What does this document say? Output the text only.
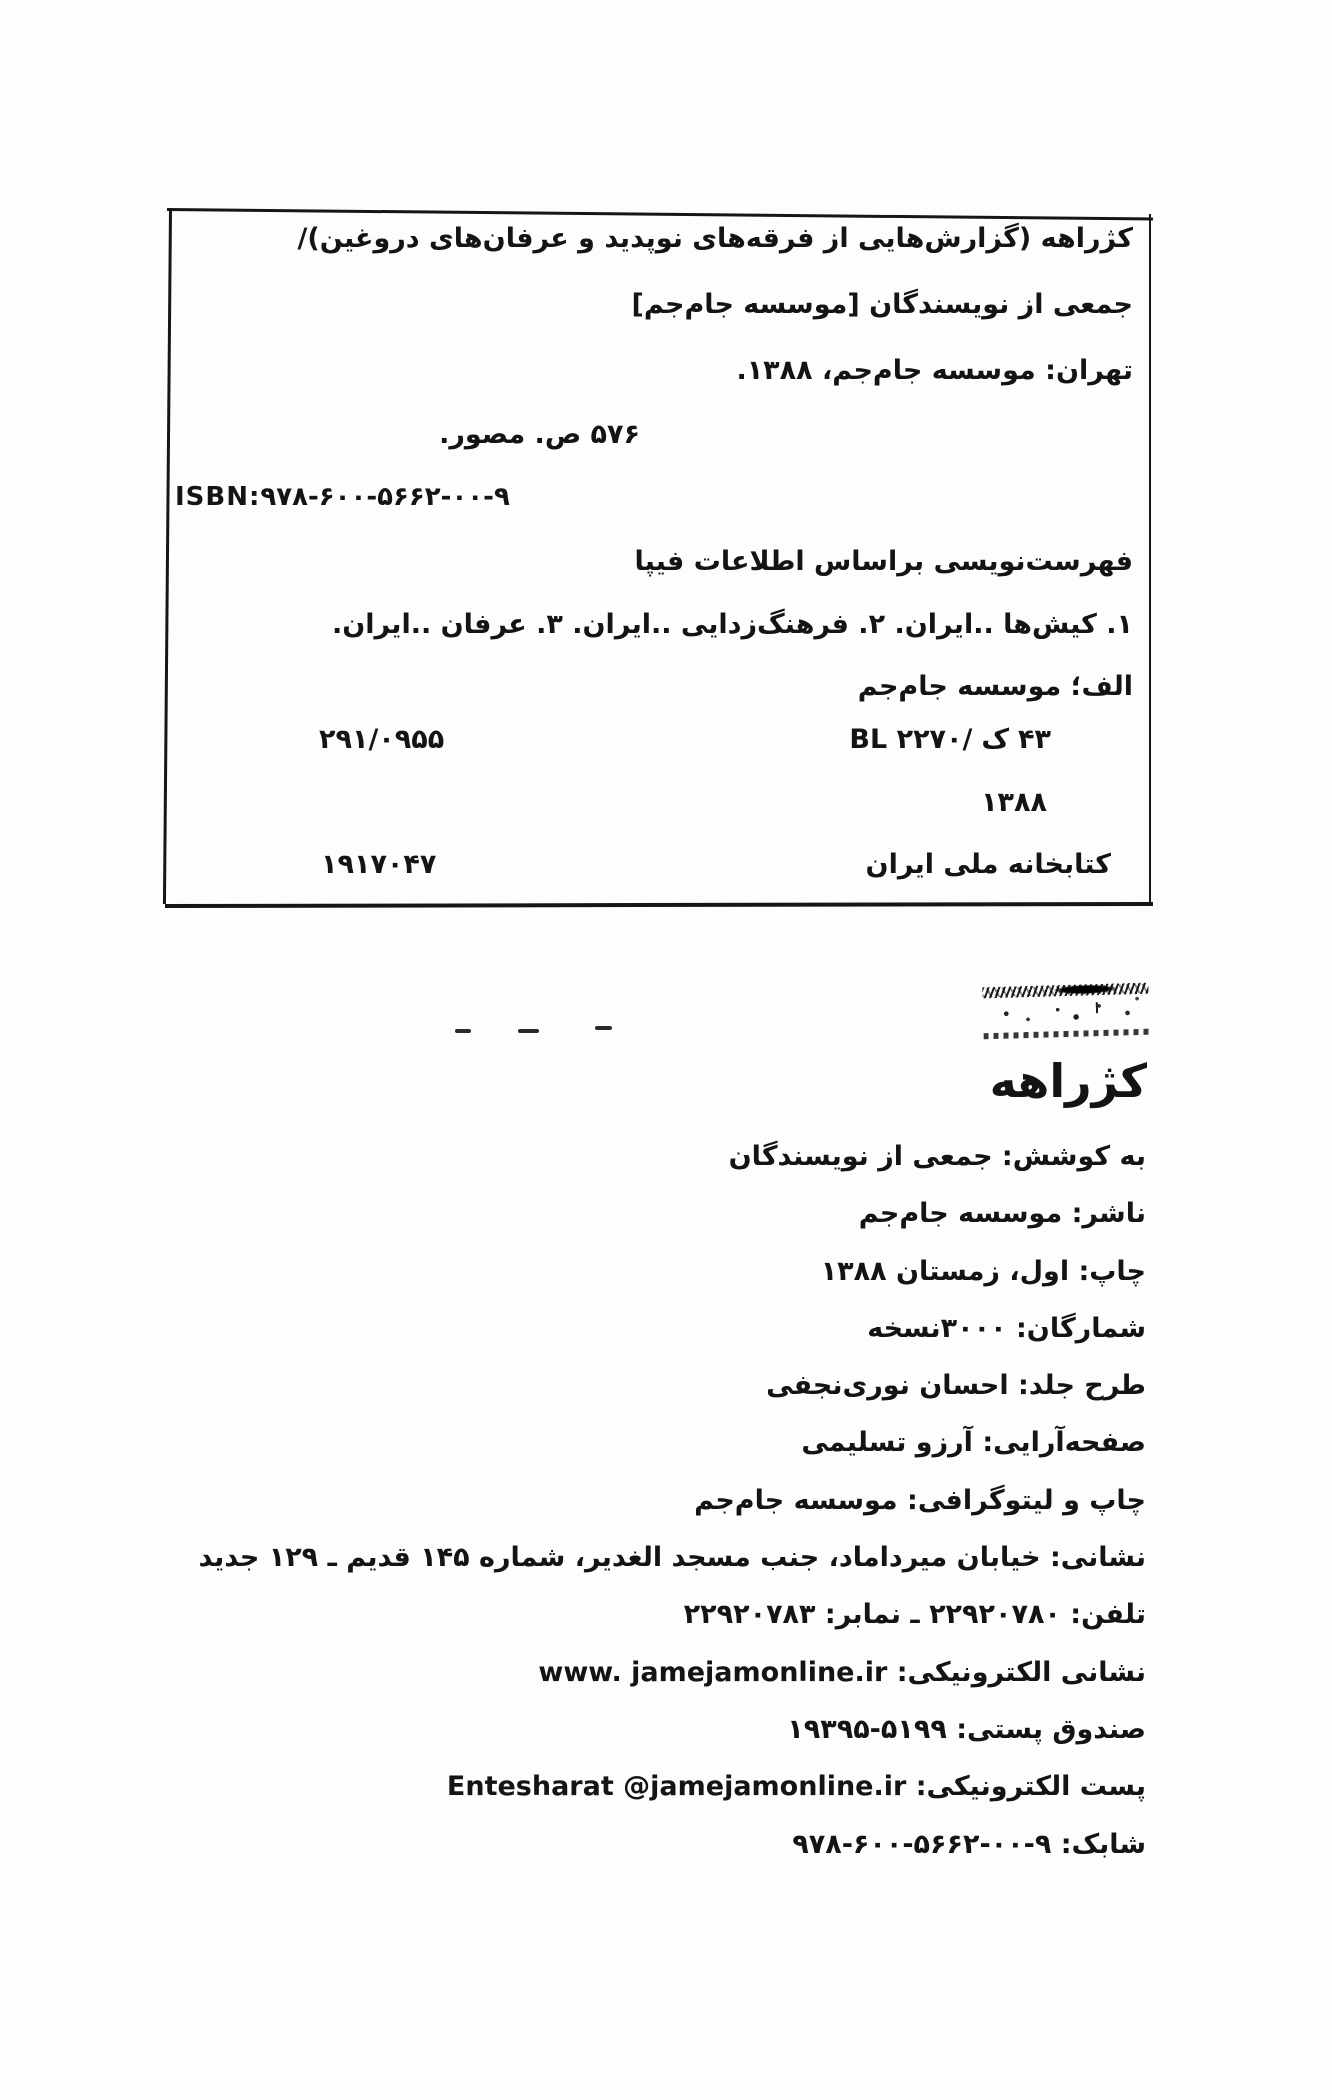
کژراهه (گزارش‌هایی از فرقه‌های نوپدید و عرفان‌های دروغین)/
جمعی از نویسندگان [موسسه جام‌جم]
تهران: موسسه جام‌جم، ۱۳۸۸.
۵۷۶ ص. مصور.
ISBN:۹۷۸-۶۰۰-۵۶۶۲-۰۰-۹
فهرست‌نویسی براساس اطلاعات فیپا
۱. کیش‌ها ..ایران. ۲. فرهنگ‌زدایی ..ایران. ۳. عرفان ..ایران.
الف؛ موسسه جام‌جم
BL ۲۲۷۰/ ک ۴۳
۲۹۱/۰۹۵۵
۱۳۸۸
کتابخانه ملی ایران
۱۹۱۷۰۴۷
کژراهه
به کوشش: جمعی از نویسندگان
ناشر: موسسه جام‌جم
چاپ: اول، زمستان ۱۳۸۸
شمارگان: ۳۰۰۰نسخه
طرح جلد: احسان نوری‌نجفی
صفحه‌آرایی: آرزو تسلیمی
چاپ و لیتوگرافی: موسسه جام‌جم
نشانی: خیابان میرداماد، جنب مسجد الغدیر، شماره ۱۴۵ قدیم ـ ۱۲۹ جدید
تلفن: ۲۲۹۲۰۷۸۰ ـ نمابر: ۲۲۹۲۰۷۸۳
نشانی الکترونیکی: www. jamejamonline.ir
صندوق پستی: ۱۹۳۹۵‎-‎۵۱۹۹
پست الکترونیکی: Entesharat @jamejamonline.ir
شابک: ۹۷۸‎-‎۶۰۰‎-‎۵۶۶۲‎-‎۰۰‎-‎۹
